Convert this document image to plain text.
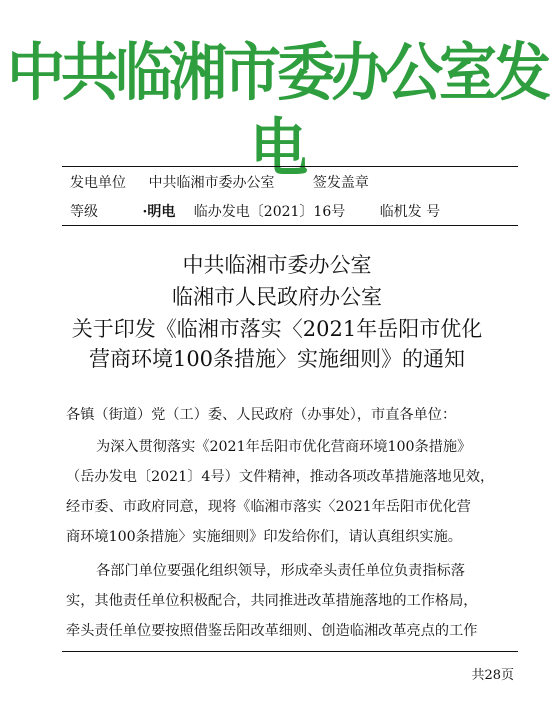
中共临湘市委办公室发电
发电单位 中共临湘市委办公室	签发盖章
等级	·明电 临办发电〔2021〕16号 临机发 号
中共临湘市委办公室
临湘市人民政府办公室
关于印发《临湘市落实〈2021年岳阳市优化
营商环境100条措施〉实施细则》的通知
各镇（街道）党（工）委、人民政府（办事处），市直各单位：
为深入贯彻落实《2021年岳阳市优化营商环境100条措施》
（岳办发电〔2021〕4号）文件精神，推动各项改革措施落地见效，
经市委、市政府同意，现将《临湘市落实〈2021年岳阳市优化营
商环境100条措施〉实施细则》印发给你们，请认真组织实施。
各部门单位要强化组织领导，形成牵头责任单位负责指标落
实，其他责任单位积极配合，共同推进改革措施落地的工作格局，
牵头责任单位要按照借鉴岳阳改革细则、创造临湘改革亮点的工作
共28页
